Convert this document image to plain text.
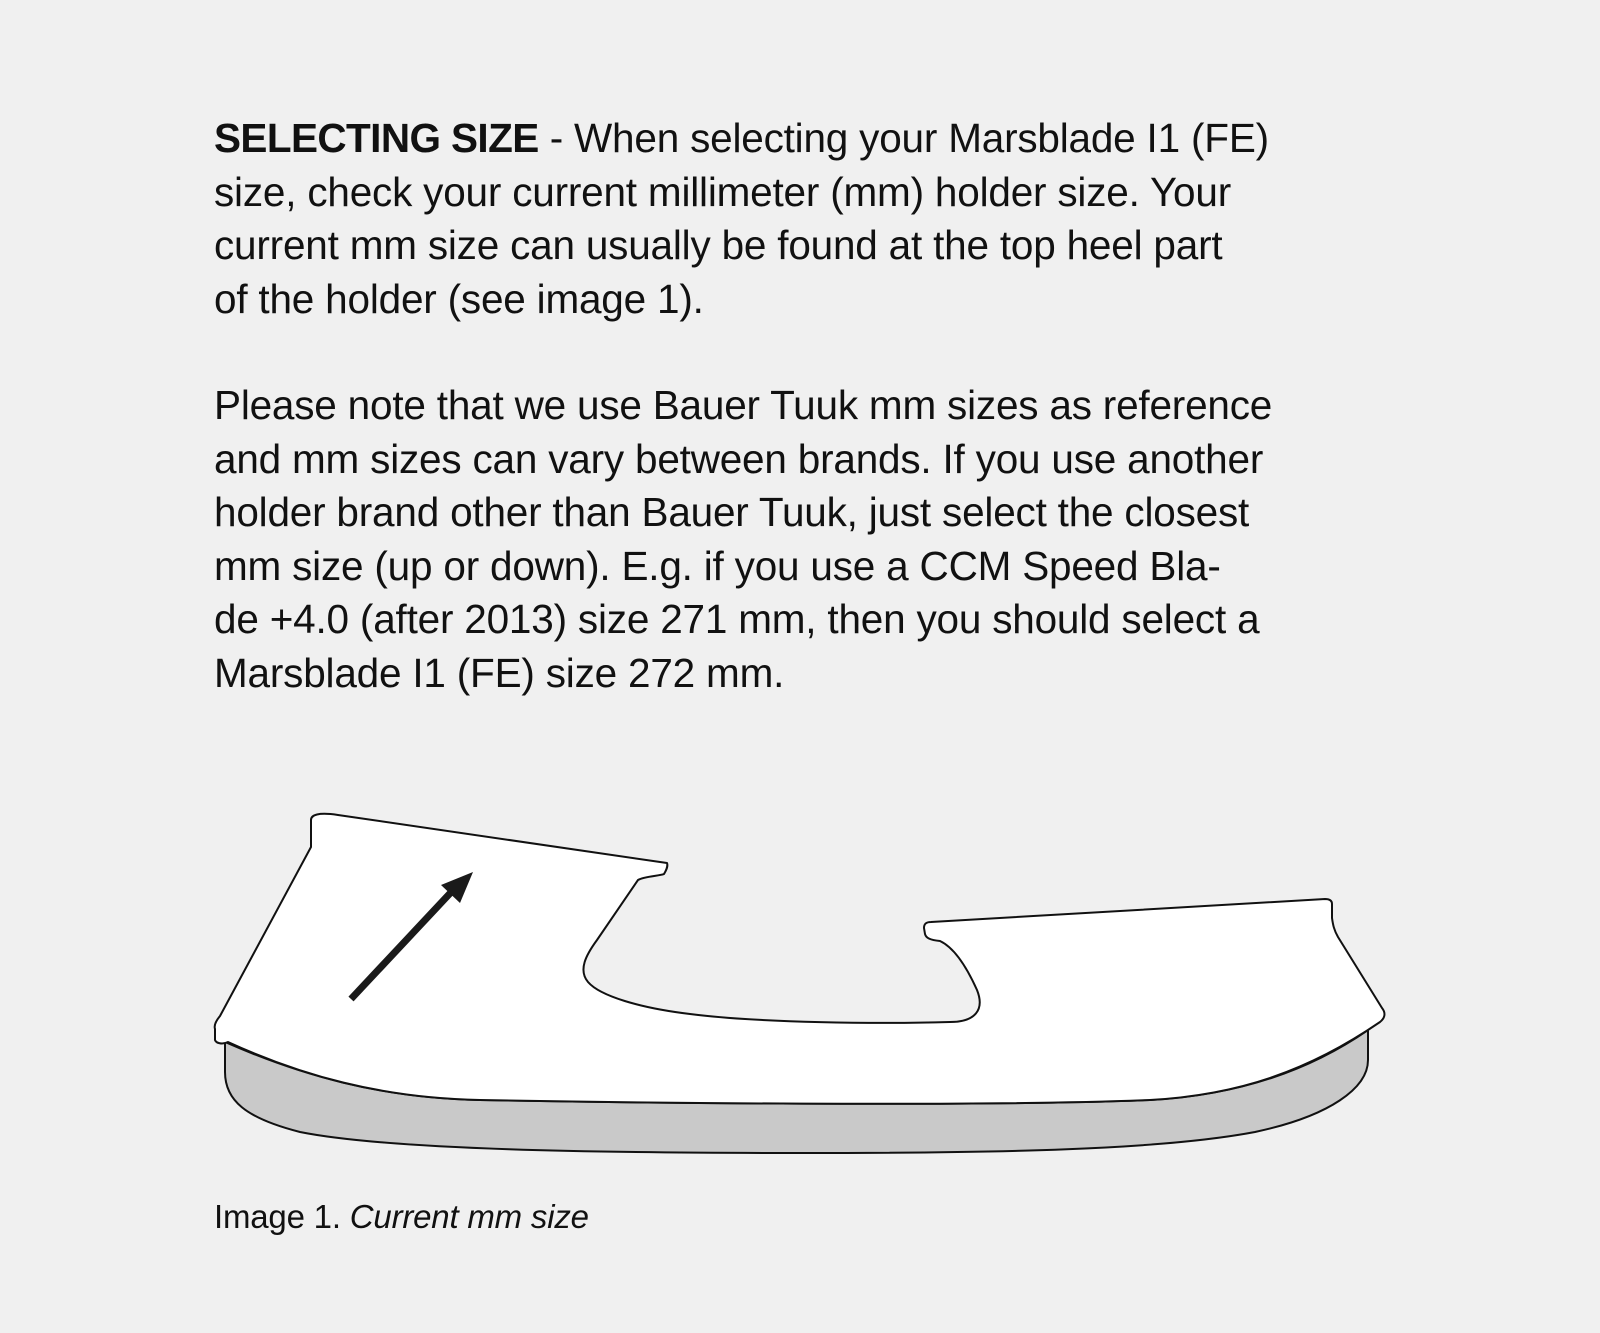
SELECTING SIZE - When selecting your Marsblade I1 (FE)
size, check your current millimeter (mm) holder size. Your
current mm size can usually be found at the top heel part
of the holder (see image 1).

Please note that we use Bauer Tuuk mm sizes as reference
and mm sizes can vary between brands. If you use another
holder brand other than Bauer Tuuk, just select the closest
mm size (up or down). E.g. if you use a CCM Speed Bla-
de +4.0 (after 2013) size 271 mm, then you should select a
Marsblade I1 (FE) size 272 mm.

Image 1. Current mm size
